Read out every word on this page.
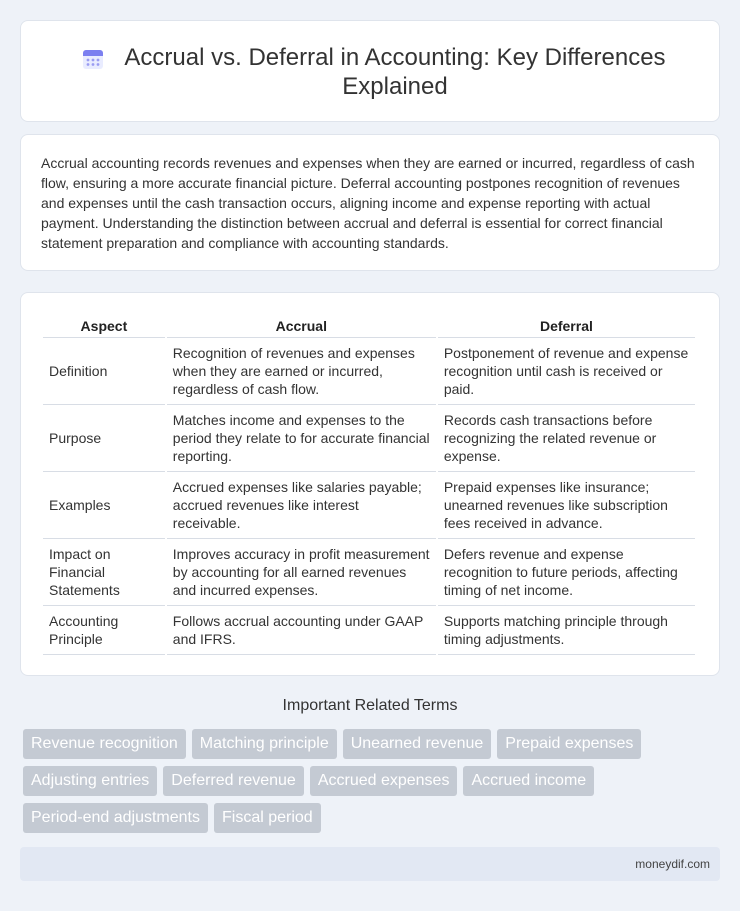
Accrual vs. Deferral in Accounting: Key Differences Explained

Accrual accounting records revenues and expenses when they are earned or incurred, regardless of cash flow, ensuring a more accurate financial picture. Deferral accounting postpones recognition of revenues and expenses until the cash transaction occurs, aligning income and expense reporting with actual payment. Understanding the distinction between accrual and deferral is essential for correct financial statement preparation and compliance with accounting standards.

Aspect	Accrual	Deferral
Definition	Recognition of revenues and expenses when they are earned or incurred, regardless of cash flow.	Postponement of revenue and expense recognition until cash is received or paid.
Purpose	Matches income and expenses to the period they relate to for accurate financial reporting.	Records cash transactions before recognizing the related revenue or expense.
Examples	Accrued expenses like salaries payable; accrued revenues like interest receivable.	Prepaid expenses like insurance; unearned revenues like subscription fees received in advance.
Impact on Financial Statements	Improves accuracy in profit measurement by accounting for all earned revenues and incurred expenses.	Defers revenue and expense recognition to future periods, affecting timing of net income.
Accounting Principle	Follows accrual accounting under GAAP and IFRS.	Supports matching principle through timing adjustments.
Important Related Terms
Revenue recognition	Matching principle	Unearned revenue	Prepaid expenses
Adjusting entries	Deferred revenue	Accrued expenses	Accrued income
Period-end adjustments	Fiscal period
moneydif.com
